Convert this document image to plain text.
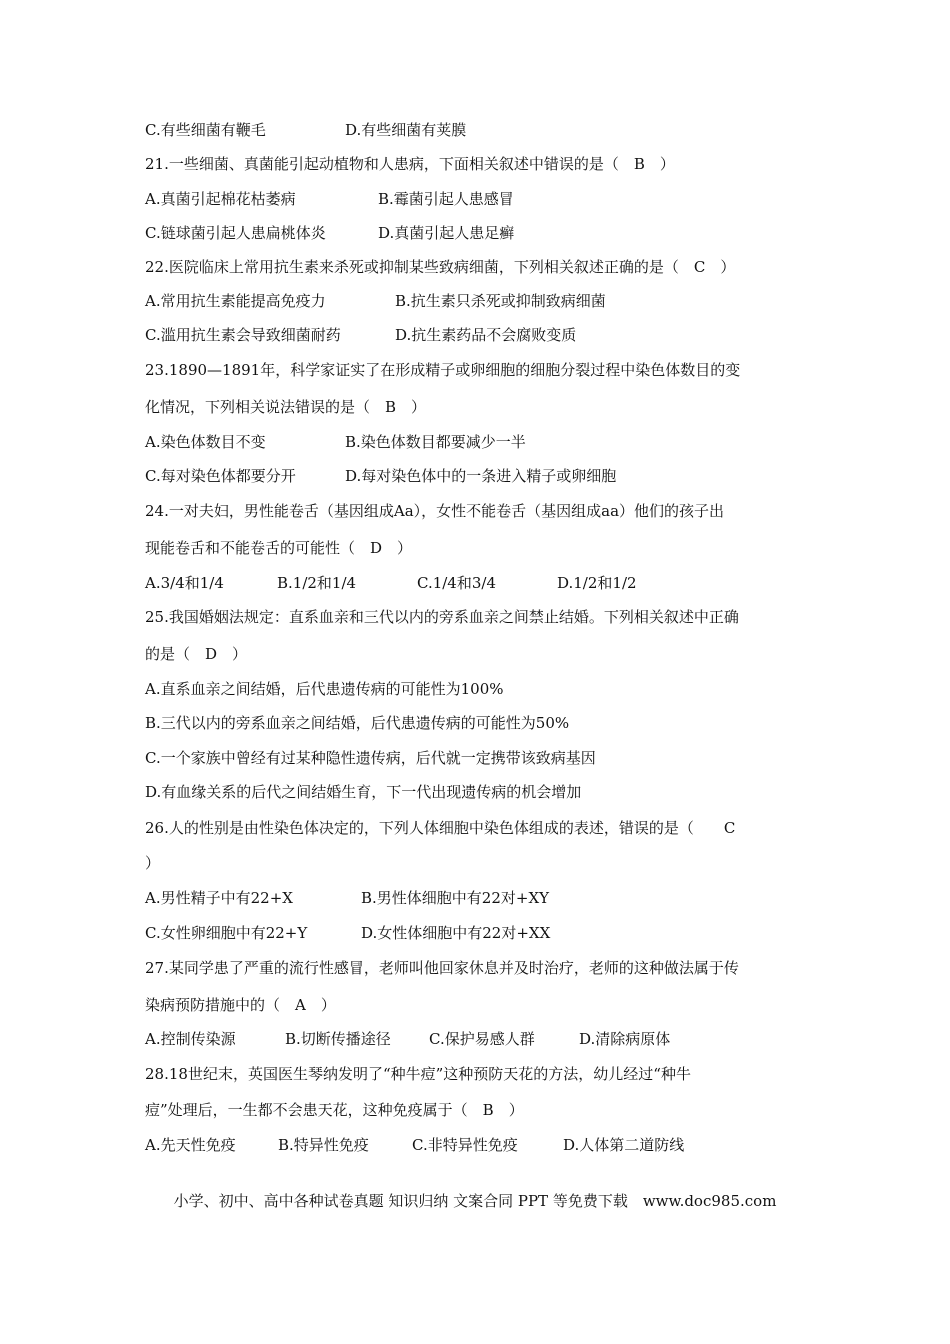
C.有些细菌有鞭毛	D.有些细菌有荚膜
21.一些细菌、真菌能引起动植物和人患病，下面相关叙述中错误的是（　B　）
A.真菌引起棉花枯萎病	B.霉菌引起人患感冒
C.链球菌引起人患扁桃体炎	D.真菌引起人患足癣
22.医院临床上常用抗生素来杀死或抑制某些致病细菌，下列相关叙述正确的是（　C　）
A.常用抗生素能提高免疫力	B.抗生素只杀死或抑制致病细菌
C.滥用抗生素会导致细菌耐药	D.抗生素药品不会腐败变质
23.1890—1891年，科学家证实了在形成精子或卵细胞的细胞分裂过程中染色体数目的变
化情况，下列相关说法错误的是（　B　）
A.染色体数目不变	B.染色体数目都要减少一半
C.每对染色体都要分开	D.每对染色体中的一条进入精子或卵细胞
24.一对夫妇，男性能卷舌（基因组成Aa），女性不能卷舌（基因组成aa）他们的孩子出
现能卷舌和不能卷舌的可能性（　D　）
A.3/4和1/4	B.1/2和1/4	C.1/4和3/4	D.1/2和1/2
25.我国婚姻法规定：直系血亲和三代以内的旁系血亲之间禁止结婚。下列相关叙述中正确
的是（　D　）
A.直系血亲之间结婚，后代患遗传病的可能性为100%
B.三代以内的旁系血亲之间结婚，后代患遗传病的可能性为50%
C.一个家族中曾经有过某种隐性遗传病，后代就一定携带该致病基因
D.有血缘关系的后代之间结婚生育，下一代出现遗传病的机会增加
26.人的性别是由性染色体决定的，下列人体细胞中染色体组成的表述，错误的是（　　C
）
A.男性精子中有22+X	B.男性体细胞中有22对+XY
C.女性卵细胞中有22+Y	D.女性体细胞中有22对+XX
27.某同学患了严重的流行性感冒，老师叫他回家休息并及时治疗，老师的这种做法属于传
染病预防措施中的（　A　）
A.控制传染源	B.切断传播途径	C.保护易感人群	D.清除病原体
28.18世纪末，英国医生琴纳发明了“种牛痘”这种预防天花的方法，幼儿经过“种牛
痘”处理后，一生都不会患天花，这种免疫属于（　B　）
A.先天性免疫	B.特异性免疫	C.非特异性免疫	D.人体第二道防线
小学、初中、高中各种试卷真题 知识归纳 文案合同 PPT 等免费下载　www.doc985.com
